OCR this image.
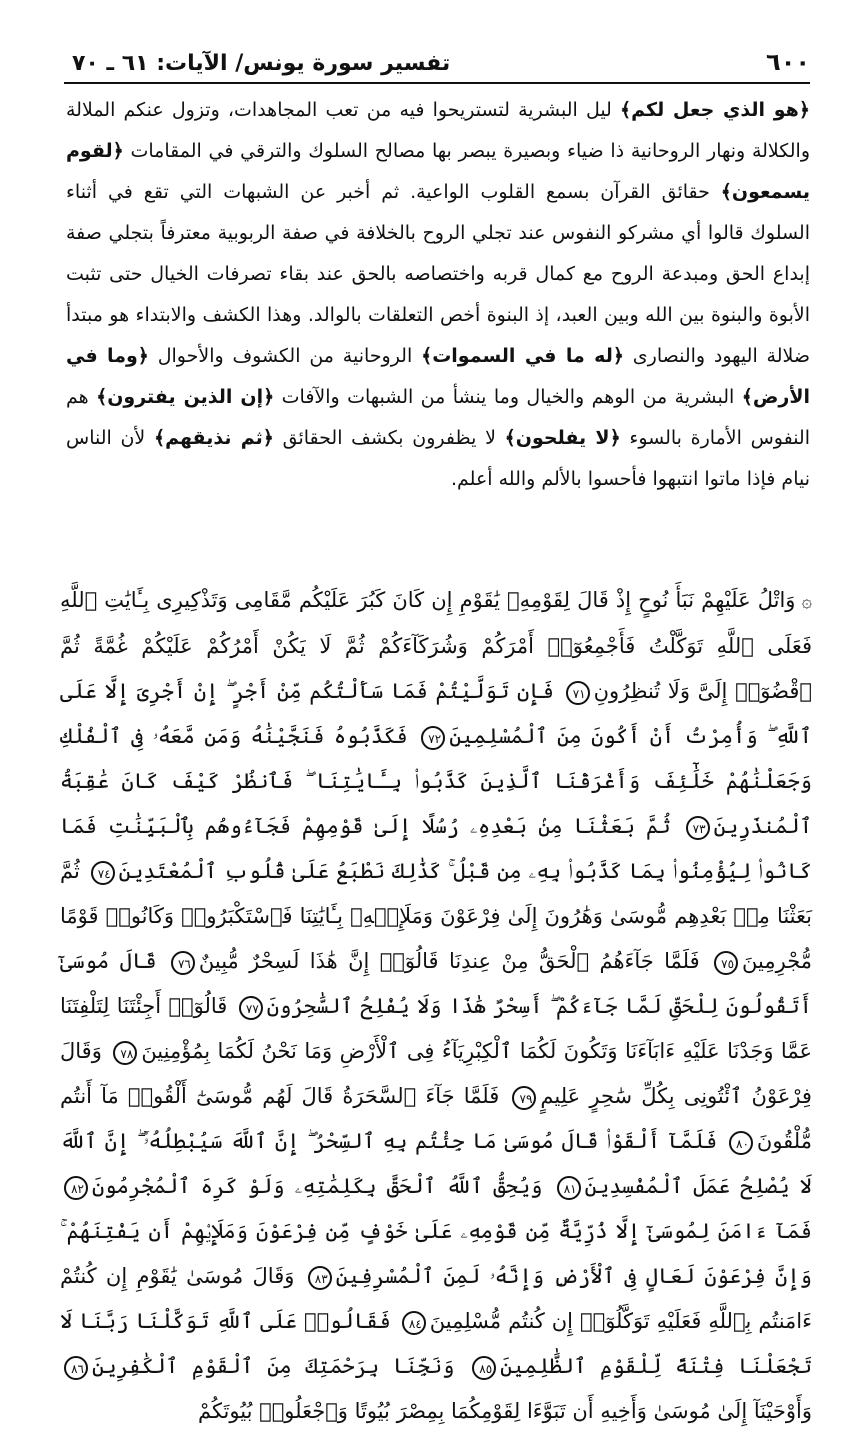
٦٠٠
تفسير سورة يونس/ الآيات: ٦١ ـ ٧٠

﴿هو الذي جعل لكم﴾ ليل البشرية لتستريحوا فيه من تعب المجاهدات، وتزول عنكم الملالة والكلالة ونهار الروحانية ذا ضياء وبصيرة يبصر بها مصالح السلوك والترقي في المقامات ﴿لقوم يسمعون﴾ حقائق القرآن بسمع القلوب الواعية. ثم أخبر عن الشبهات التي تقع في أثناء السلوك قالوا أي مشركو النفوس عند تجلي الروح بالخلافة في صفة الربوبية معترفاً بتجلي صفة إبداع الحق ومبدعة الروح مع كمال قربه واختصاصه بالحق عند بقاء تصرفات الخيال حتى تثبت الأبوة والبنوة بين الله وبين العبد، إذ البنوة أخص التعلقات بالوالد. وهذا الكشف والابتداء هو مبتدأ ضلالة اليهود والنصارى ﴿له ما في السموات﴾ الروحانية من الكشوف والأحوال ﴿وما في الأرض﴾ البشرية من الوهم والخيال وما ينشأ من الشبهات والآفات ﴿إن الذين يفترون﴾ هم النفوس الأمارة بالسوء ﴿لا يفلحون﴾ لا يظفرون بكشف الحقائق ﴿ثم نذيقهم﴾ لأن الناس نيام فإذا ماتوا انتبهوا فأحسوا بالألم والله أعلم.

۞وَاتْلُ عَلَيْهِمْ نَبَأَ نُوحٍ إِذْ قَالَ لِقَوْمِهِۦ يَٰقَوْمِ إِن كَانَ كَبُرَ عَلَيْكُم مَّقَامِى وَتَذْكِيرِى بِـَٔايَٰتِ ٱللَّهِ فَعَلَى ٱللَّهِ تَوَكَّلْتُ فَأَجْمِعُوٓا۟ أَمْرَكُمْ وَشُرَكَآءَكُمْ ثُمَّ لَا يَكُنْ أَمْرُكُمْ عَلَيْكُمْ غُمَّةً ثُمَّ ٱقْضُوٓا۟ إِلَىَّ وَلَا تُنظِرُونِ٧١ فَإِن تَوَلَّيْتُمْ فَمَا سَأَلْتُكُم مِّنْ أَجْرٍ ۖ إِنْ أَجْرِىَ إِلَّا عَلَى ٱللَّهِ ۖ وَأُمِرْتُ أَنْ أَكُونَ مِنَ ٱلْمُسْلِمِينَ٧٢ فَكَذَّبُوهُ فَنَجَّيْنَٰهُ وَمَن مَّعَهُۥ فِى ٱلْفُلْكِ وَجَعَلْنَٰهُمْ خَلَٰٓئِفَ وَأَغْرَقْنَا ٱلَّذِينَ كَذَّبُوا۟ بِـَٔايَٰتِنَا ۖ فَٱنظُرْ كَيْفَ كَانَ عَٰقِبَةُ ٱلْمُنذَرِينَ٧٣ ثُمَّ بَعَثْنَا مِنۢ بَعْدِهِۦ رُسُلًا إِلَىٰ قَوْمِهِمْ فَجَآءُوهُم بِٱلْبَيِّنَٰتِ فَمَا كَانُوا۟ لِيُؤْمِنُوا۟ بِمَا كَذَّبُوا۟ بِهِۦ مِن قَبْلُ ۚ كَذَٰلِكَ نَطْبَعُ عَلَىٰ قُلُوبِ ٱلْمُعْتَدِينَ٧٤ ثُمَّ بَعَثْنَا مِنۢ بَعْدِهِم مُّوسَىٰ وَهَٰرُونَ إِلَىٰ فِرْعَوْنَ وَمَلَإِي۟هِۦ بِـَٔايَٰتِنَا فَٱسْتَكْبَرُوا۟ وَكَانُوا۟ قَوْمًا مُّجْرِمِينَ٧٥ فَلَمَّا جَآءَهُمُ ٱلْحَقُّ مِنْ عِندِنَا قَالُوٓا۟ إِنَّ هَٰذَا لَسِحْرٌ مُّبِينٌ٧٦ قَالَ مُوسَىٰٓ أَتَقُولُونَ لِلْحَقِّ لَمَّا جَآءَكُمْ ۖ أَسِحْرٌ هَٰذَا وَلَا يُفْلِحُ ٱلسَّٰحِرُونَ٧٧ قَالُوٓا۟ أَجِئْتَنَا لِتَلْفِتَنَا عَمَّا وَجَدْنَا عَلَيْهِ ءَابَآءَنَا وَتَكُونَ لَكُمَا ٱلْكِبْرِيَآءُ فِى ٱلْأَرْضِ وَمَا نَحْنُ لَكُمَا بِمُؤْمِنِينَ٧٨ وَقَالَ فِرْعَوْنُ ٱئْتُونِى بِكُلِّ سَٰحِرٍ عَلِيمٍ٧٩ فَلَمَّا جَآءَ ٱلسَّحَرَةُ قَالَ لَهُم مُّوسَىٰٓ أَلْقُوا۟ مَآ أَنتُم مُّلْقُونَ٨٠ فَلَمَّآ أَلْقَوْا۟ قَالَ مُوسَىٰ مَا جِئْتُم بِهِ ٱلسِّحْرُ ۖ إِنَّ ٱللَّهَ سَيُبْطِلُهُۥٓ ۖ إِنَّ ٱللَّهَ لَا يُصْلِحُ عَمَلَ ٱلْمُفْسِدِينَ٨١ وَيُحِقُّ ٱللَّهُ ٱلْحَقَّ بِكَلِمَٰتِهِۦ وَلَوْ كَرِهَ ٱلْمُجْرِمُونَ٨٢ فَمَآ ءَامَنَ لِمُوسَىٰٓ إِلَّا ذُرِّيَّةٌ مِّن قَوْمِهِۦ عَلَىٰ خَوْفٍ مِّن فِرْعَوْنَ وَمَلَإِي۟هِمْ أَن يَفْتِنَهُمْ ۚ وَإِنَّ فِرْعَوْنَ لَعَالٍ فِى ٱلْأَرْضِ وَإِنَّهُۥ لَمِنَ ٱلْمُسْرِفِينَ٨٣ وَقَالَ مُوسَىٰ يَٰقَوْمِ إِن كُنتُمْ ءَامَنتُم بِٱللَّهِ فَعَلَيْهِ تَوَكَّلُوٓا۟ إِن كُنتُم مُّسْلِمِينَ٨٤ فَقَالُوا۟ عَلَى ٱللَّهِ تَوَكَّلْنَا رَبَّنَا لَا تَجْعَلْنَا فِتْنَةً لِّلْقَوْمِ ٱلظَّٰلِمِينَ٨٥ وَنَجِّنَا بِرَحْمَتِكَ مِنَ ٱلْقَوْمِ ٱلْكَٰفِرِينَ٨٦ وَأَوْحَيْنَآ إِلَىٰ مُوسَىٰ وَأَخِيهِ أَن تَبَوَّءَا لِقَوْمِكُمَا بِمِصْرَ بُيُوتًا وَٱجْعَلُوا۟ بُيُوتَكُمْ
